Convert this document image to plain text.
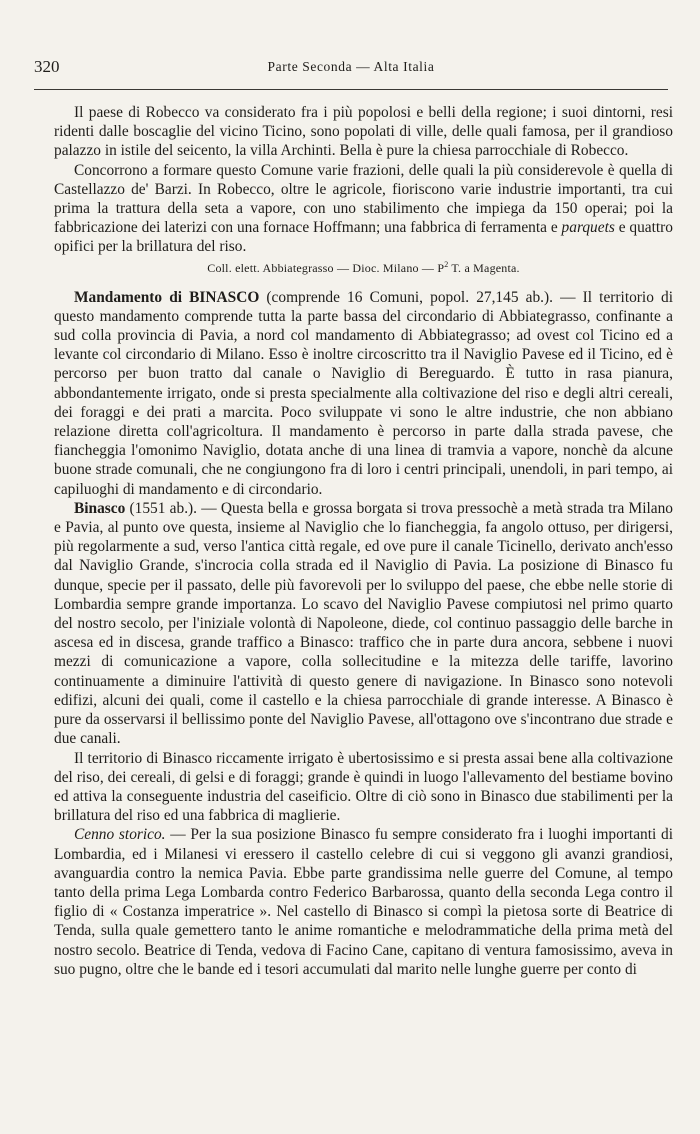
320	Parte Seconda — Alta Italia

Il paese di Robecco va considerato fra i più popolosi e belli della regione; i suoi dintorni, resi ridenti dalle boscaglie del vicino Ticino, sono popolati di ville, delle quali famosa, per il grandioso palazzo in istile del seicento, la villa Archinti. Bella è pure la chiesa parrocchiale di Robecco.

Concorrono a formare questo Comune varie frazioni, delle quali la più considerevole è quella di Castellazzo de' Barzi. In Robecco, oltre le agricole, fioriscono varie industrie importanti, tra cui prima la trattura della seta a vapore, con uno stabilimento che impiega da 150 operai; poi la fabbricazione dei laterizi con una fornace Hoffmann; una fabbrica di ferramenta e parquets e quattro opifici per la brillatura del riso.

Coll. elett. Abbiategrasso — Dioc. Milano — $P^2$ T. a Magenta.

Mandamento di BINASCO (comprende 16 Comuni, popol. 27,145 ab.). — Il territorio di questo mandamento comprende tutta la parte bassa del circondario di Abbiategrasso, confinante a sud colla provincia di Pavia, a nord col mandamento di Abbiategrasso; ad ovest col Ticino ed a levante col circondario di Milano. Esso è inoltre circoscritto tra il Naviglio Pavese ed il Ticino, ed è percorso per buon tratto dal canale o Naviglio di Bereguardo. È tutto in rasa pianura, abbondantemente irrigato, onde si presta specialmente alla coltivazione del riso e degli altri cereali, dei foraggi e dei prati a marcita. Poco sviluppate vi sono le altre industrie, che non abbiano relazione diretta coll'agricoltura. Il mandamento è percorso in parte dalla strada pavese, che fiancheggia l'omonimo Naviglio, dotata anche di una linea di tramvia a vapore, nonchè da alcune buone strade comunali, che ne congiungono fra di loro i centri principali, unendoli, in pari tempo, ai capiluoghi di mandamento e di circondario.

Binasco (1551 ab.). — Questa bella e grossa borgata si trova pressochè a metà strada tra Milano e Pavia, al punto ove questa, insieme al Naviglio che lo fiancheggia, fa angolo ottuso, per dirigersi, più regolarmente a sud, verso l'antica città regale, ed ove pure il canale Ticinello, derivato anch'esso dal Naviglio Grande, s'incrocia colla strada ed il Naviglio di Pavia. La posizione di Binasco fu dunque, specie per il passato, delle più favorevoli per lo sviluppo del paese, che ebbe nelle storie di Lombardia sempre grande importanza. Lo scavo del Naviglio Pavese compiutosi nel primo quarto del nostro secolo, per l'iniziale volontà di Napoleone, diede, col continuo passaggio delle barche in ascesa ed in discesa, grande traffico a Binasco: traffico che in parte dura ancora, sebbene i nuovi mezzi di comunicazione a vapore, colla sollecitudine e la mitezza delle tariffe, lavorino continuamente a diminuire l'attività di questo genere di navigazione. In Binasco sono notevoli edifizi, alcuni dei quali, come il castello e la chiesa parrocchiale di grande interesse. A Binasco è pure da osservarsi il bellissimo ponte del Naviglio Pavese, all'ottagono ove s'incontrano due strade e due canali.

Il territorio di Binasco riccamente irrigato è ubertosissimo e si presta assai bene alla coltivazione del riso, dei cereali, di gelsi e di foraggi; grande è quindi in luogo l'allevamento del bestiame bovino ed attiva la conseguente industria del caseificio. Oltre di ciò sono in Binasco due stabilimenti per la brillatura del riso ed una fabbrica di maglierie.

Cenno storico. — Per la sua posizione Binasco fu sempre considerato fra i luoghi importanti di Lombardia, ed i Milanesi vi eressero il castello celebre di cui si veggono gli avanzi grandiosi, avanguardia contro la nemica Pavia. Ebbe parte grandissima nelle guerre del Comune, al tempo tanto della prima Lega Lombarda contro Federico Barbarossa, quanto della seconda Lega contro il figlio di « Costanza imperatrice ». Nel castello di Binasco si compì la pietosa sorte di Beatrice di Tenda, sulla quale gemettero tanto le anime romantiche e melodrammatiche della prima metà del nostro secolo. Beatrice di Tenda, vedova di Facino Cane, capitano di ventura famosissimo, aveva in suo pugno, oltre che le bande ed i tesori accumulati dal marito nelle lunghe guerre per conto di
